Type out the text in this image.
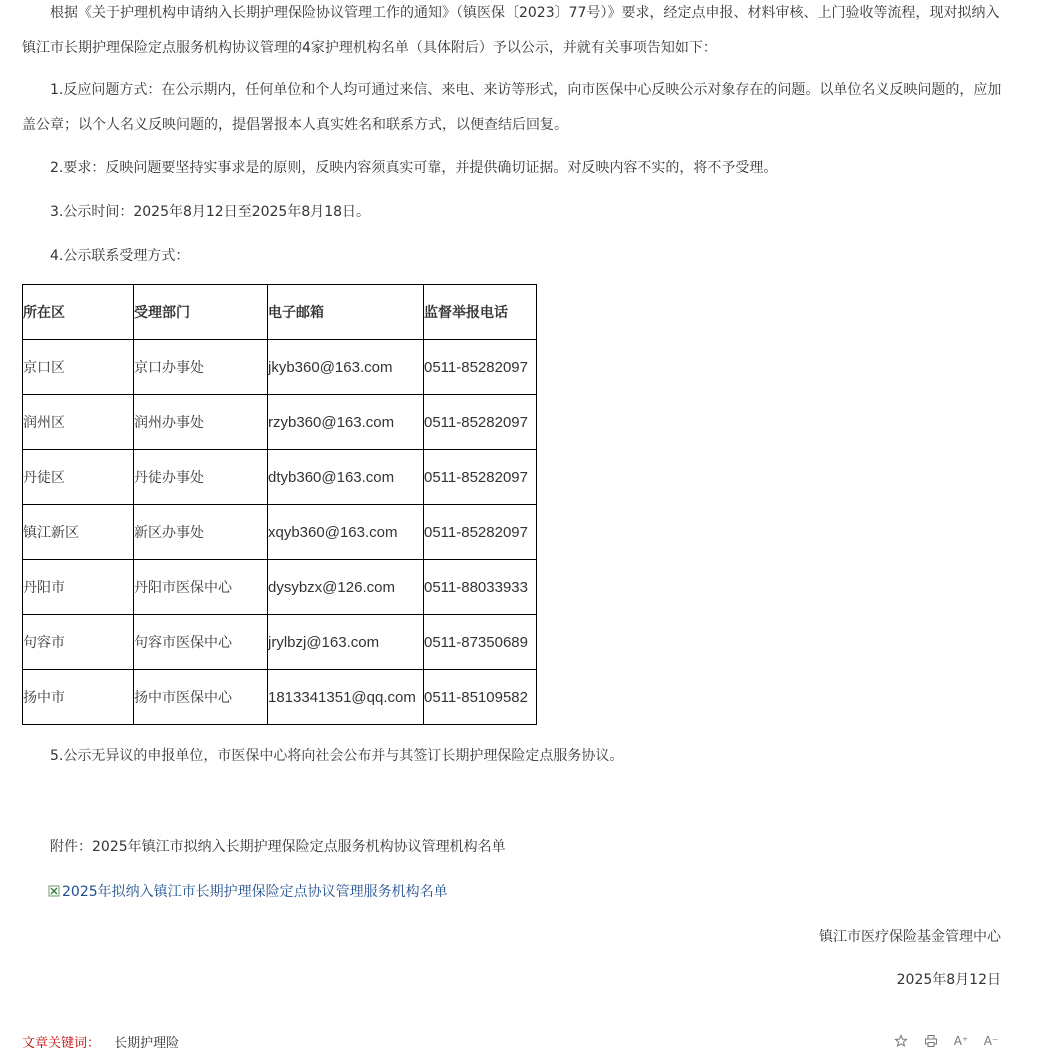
根据《关于护理机构申请纳入长期护理保险协议管理工作的通知》（镇医保〔2023〕77号）》要求，经定点申报、材料审核、上门验收等流程，现对拟纳入镇江市长期护理保险定点服务机构协议管理的4家护理机构名单（具体附后）予以公示，并就有关事项告知如下：

1.反应问题方式：在公示期内，任何单位和个人均可通过来信、来电、来访等形式，向市医保中心反映公示对象存在的问题。以单位名义反映问题的，应加盖公章；以个人名义反映问题的，提倡署报本人真实姓名和联系方式，以便查结后回复。

2.要求：反映问题要坚持实事求是的原则，反映内容须真实可靠，并提供确切证据。对反映内容不实的，将不予受理。

3.公示时间：2025年8月12日至2025年8月18日。

4.公示联系受理方式：

所在区	受理部门	电子邮箱	监督举报电话
京口区	京口办事处	jkyb360@163.com	0511-85282097
润州区	润州办事处	rzyb360@163.com	0511-85282097
丹徒区	丹徒办事处	dtyb360@163.com	0511-85282097
镇江新区	新区办事处	xqyb360@163.com	0511-85282097
丹阳市	丹阳市医保中心	dysybzx@126.com	0511-88033933
句容市	句容市医保中心	jrylbzj@163.com	0511-87350689
扬中市	扬中市医保中心	1813341351@qq.com	0511-85109582

5.公示无异议的申报单位，市医保中心将向社会公布并与其签订长期护理保险定点服务协议。

附件：2025年镇江市拟纳入长期护理保险定点服务机构协议管理机构名单
2025年拟纳入镇江市长期护理保险定点协议管理服务机构名单
镇江市医疗保险基金管理中心
2025年8月12日
文章关键词： 长期护理险	A⁺ A⁻
